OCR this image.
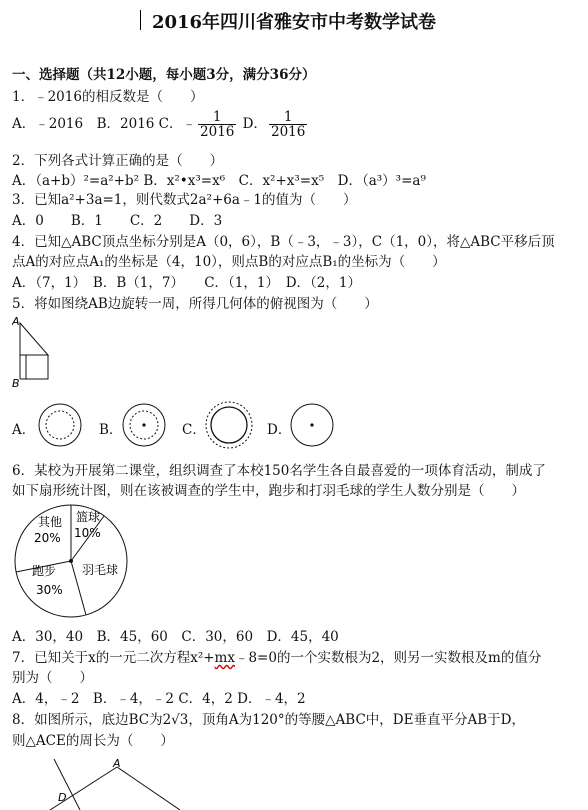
2016年四川省雅安市中考数学试卷
一、选择题（共12小题，每小题3分，满分36分）
1．﹣2016的相反数是（　　）
A．﹣2016　B．2016 C．﹣ $\frac{1}{2016}$ D． $\frac{1}{2016}$
2．下列各式计算正确的是（　　）
A．（a+b）²=a²+b² B．x²•x³=x⁶　C．x²+x³=x⁵　D．（a³）³=a⁹
3．已知a²+3a=1，则代数式2a²+6a﹣1的值为（　　）
A．0　　B．1　　C．2　　D．3
4．已知△ABC顶点坐标分别是A（0，6），B（﹣3，﹣3），C（1，0），将△ABC平移后顶
点A的对应点A₁的坐标是（4，10），则点B的对应点B₁的坐标为（　　）
A．（7，1）　B．B（1，7）　　C．（1，1）　D．（2，1）
5．将如图绕AB边旋转一周，所得几何体的俯视图为（　　）
A
B
A．	B．	C．	D．
6．某校为开展第二课堂，组织调查了本校150名学生各自最喜爱的一项体育活动，制成了
如下扇形统计图，则在该被调查的学生中，跑步和打羽毛球的学生人数分别是（　　）
其他
20%
篮球
10%
跑步
30%
羽毛球
A．30，40　B．45，60　C．30，60　D．45，40
7．已知关于x的一元二次方程x²+mx﹣8=0的一个实数根为2，则另一实数根及m的值分
别为（　　）
A．4，﹣2　B．﹣4，﹣2 C．4，2 D．﹣4，2
8．如图所示，底边BC为2√3，顶角A为120°的等腰△ABC中，DE垂直平分AB于D，
则△ACE的周长为（　　）
A
D
